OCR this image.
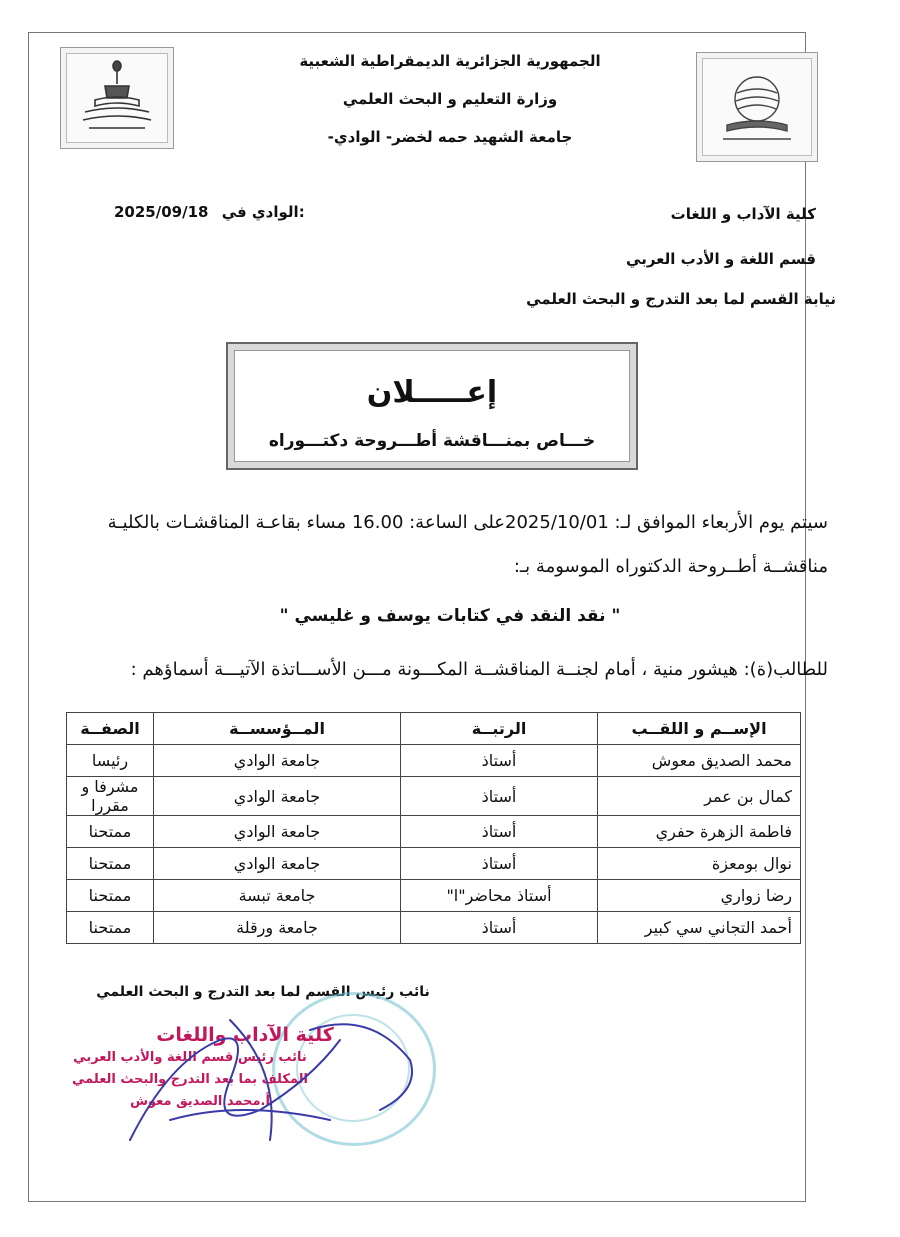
الجمهورية الجزائرية الديمقراطية الشعبية
وزارة التعليم و البحث العلمي
جامعة الشهيد حمه لخضر- الوادي-
كلية الآداب و اللغات
قسم اللغة و الأدب العربي
نيابة القسم لما بعد التدرج و البحث العلمي
2025/09/18 الوادي في:
إعـــــلان
خـــاص بمنـــاقشة أطـــروحة دكتـــوراه
سيتم يوم الأربعاء الموافق لـ: 2025/10/01على الساعة: 16.00 مساء بقاعـة المناقشـات بالكليـة
مناقشــة أطــروحة الدكتوراه الموسومة بـ:
" نقد النقد في كتابات يوسف و غليسي "
للطالب(ة): هيشور منية ، أمام لجنــة المناقشــة المكـــونة مـــن الأســـاتذة الآتيـــة أسماؤهم :
الإســم و اللقــب	الرتبــة	المــؤسســة	الصفــة
محمد الصديق معوش	أستاذ	جامعة الوادي	رئيسا
كمال بن عمر	أستاذ	جامعة الوادي	مشرفا و مقررا
فاطمة الزهرة حفري	أستاذ	جامعة الوادي	ممتحنا
نوال بومعزة	أستاذ	جامعة الوادي	ممتحنا
رضا زواري	أستاذ محاضر"ا"	جامعة تبسة	ممتحنا
أحمد التجاني سي كبير	أستاذ	جامعة ورقلة	ممتحنا
نائب رئيس القسم لما بعد التدرج و البحث العلمي
كلية الآداب واللغات
نائب رئيس قسم اللغة والأدب العربي
المكلف بما بعد التدرج والبحث العلمي
أ.محمد الصديق معوش
